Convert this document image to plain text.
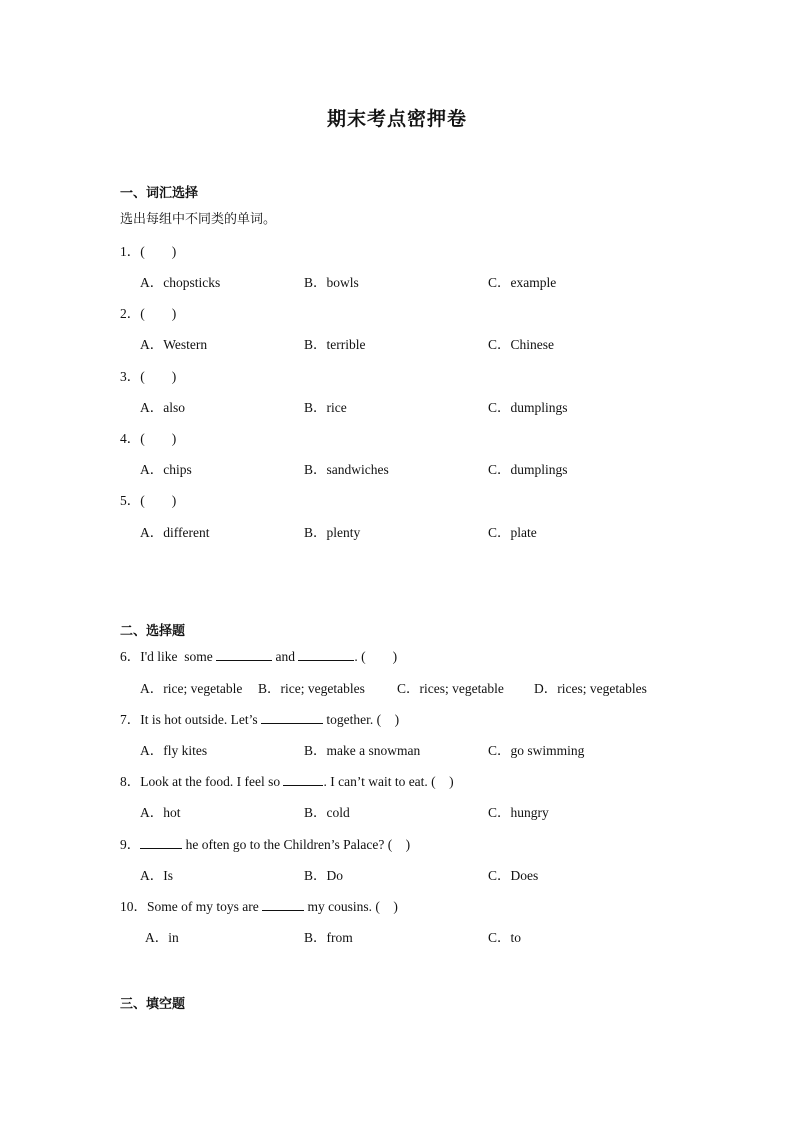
期末考点密押卷
一、词汇选择
选出每组中不同类的单词。
1．(　　)
A．chopsticks	B．bowls	C．example
2．(　　)
A．Western	B．terrible	C．Chinese
3．(　　)
A．also	B．rice	C．dumplings
4．(　　)
A．chips	B．sandwiches	C．dumplings
5．(　　)
A．different	B．plenty	C．plate
二、选择题
6．I'd like  some	and	. (　　)
A．rice; vegetable B．rice; vegetables C．rices; vegetable D．rices; vegetables
7．It is hot outside. Let’s	together. (　)
A．fly kites	B．make a snowman	C．go swimming
8．Look at the food. I feel so	. I can’t wait to eat. (　)
A．hot	B．cold	C．hungry
9．	he often go to the Children’s Palace? (　)
A．Is	B．Do	C．Does
10．Some of my toys are	my cousins. (　)
A．in	B．from	C．to
三、填空题
